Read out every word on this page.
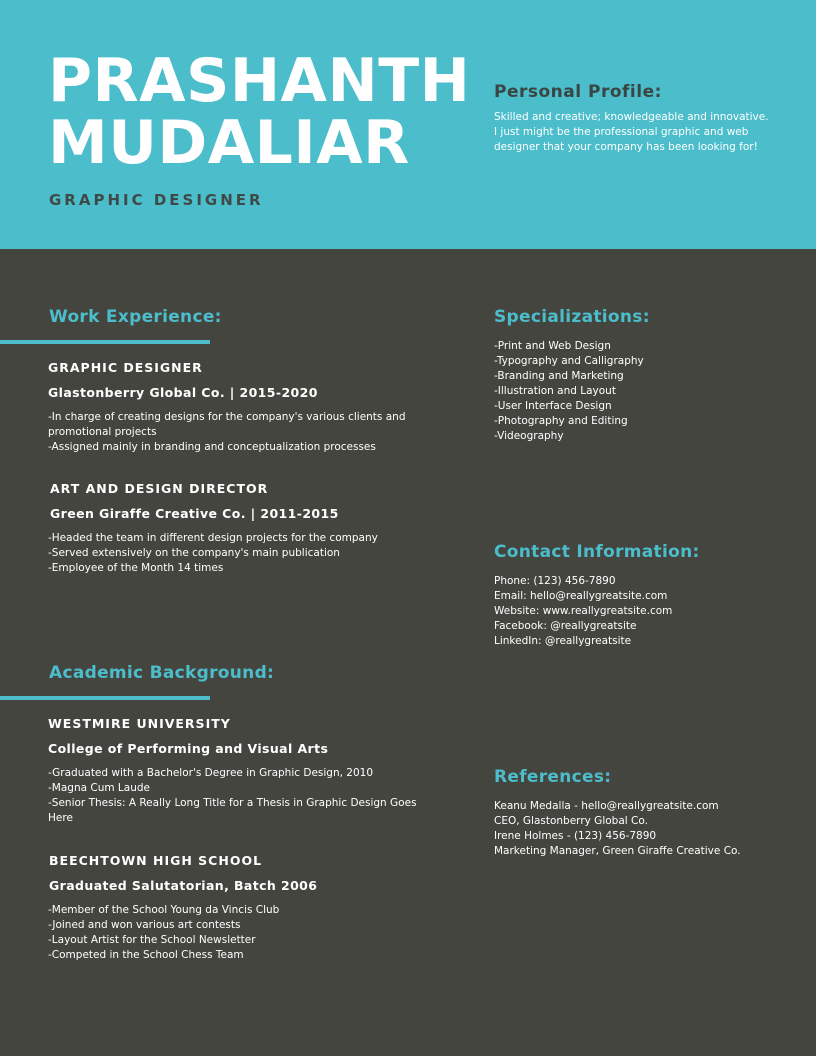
PRASHANTH
MUDALIAR

GRAPHIC DESIGNER

Personal Profile:

Skilled and creative; knowledgeable and innovative. I just might be the professional graphic and web designer that your company has been looking for!

Work Experience:

GRAPHIC DESIGNER

Glastonberry Global Co. | 2015-2020

-In charge of creating designs for the company's various clients and promotional projects
-Assigned mainly in branding and conceptualization processes

ART AND DESIGN DIRECTOR

Green Giraffe Creative Co. | 2011-2015

-Headed the team in different design projects for the company
-Served extensively on the company's main publication
-Employee of the Month 14 times
Academic Background:

WESTMIRE UNIVERSITY

College of Performing and Visual Arts

-Graduated with a Bachelor's Degree in Graphic Design, 2010
-Magna Cum Laude
-Senior Thesis: A Really Long Title for a Thesis in Graphic Design Goes Here

BEECHTOWN HIGH SCHOOL

Graduated Salutatorian, Batch 2006

-Member of the School Young da Vincis Club
-Joined and won various art contests
-Layout Artist for the School Newsletter
-Competed in the School Chess Team
Specializations:
-Print and Web Design
-Typography and Calligraphy
-Branding and Marketing
-Illustration and Layout
-User Interface Design
-Photography and Editing
-Videography
Contact Information:
Phone: (123) 456-7890
Email: hello@reallygreatsite.com
Website: www.reallygreatsite.com
Facebook: @reallygreatsite
LinkedIn: @reallygreatsite
References:
Keanu Medalla - hello@reallygreatsite.com
CEO, Glastonberry Global Co.
Irene Holmes - (123) 456-7890
Marketing Manager, Green Giraffe Creative Co.
